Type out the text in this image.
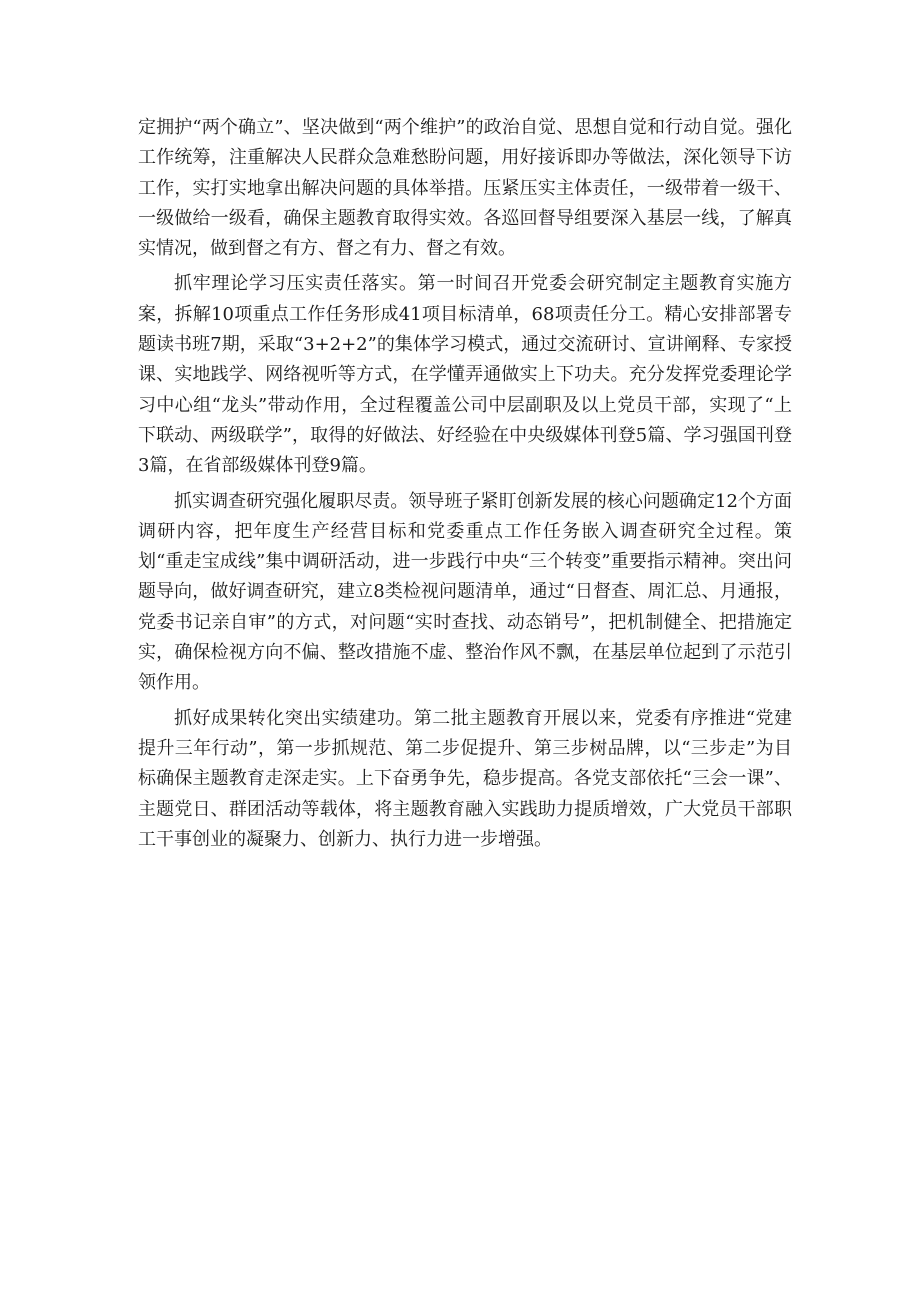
定拥护“两个确立”、坚决做到“两个维护”的政治自觉、思想自觉和行动自觉。强化工作统筹，注重解决人民群众急难愁盼问题，用好接诉即办等做法，深化领导下访工作，实打实地拿出解决问题的具体举措。压紧压实主体责任，一级带着一级干、一级做给一级看，确保主题教育取得实效。各巡回督导组要深入基层一线，了解真实情况，做到督之有方、督之有力、督之有效。

抓牢理论学习压实责任落实。第一时间召开党委会研究制定主题教育实施方案，拆解10项重点工作任务形成41项目标清单，68项责任分工。精心安排部署专题读书班7期，采取“3+2+2”的集体学习模式，通过交流研讨、宣讲阐释、专家授课、实地践学、网络视听等方式，在学懂弄通做实上下功夫。充分发挥党委理论学习中心组“龙头”带动作用，全过程覆盖公司中层副职及以上党员干部，实现了“上下联动、两级联学”，取得的好做法、好经验在中央级媒体刊登5篇、学习强国刊登3篇，在省部级媒体刊登9篇。

抓实调查研究强化履职尽责。领导班子紧盯创新发展的核心问题确定12个方面调研内容，把年度生产经营目标和党委重点工作任务嵌入调查研究全过程。策划“重走宝成线”集中调研活动，进一步践行中央“三个转变”重要指示精神。突出问题导向，做好调查研究，建立8类检视问题清单，通过“日督查、周汇总、月通报，党委书记亲自审”的方式，对问题“实时查找、动态销号”，把机制健全、把措施定实，确保检视方向不偏、整改措施不虚、整治作风不飘，在基层单位起到了示范引领作用。

抓好成果转化突出实绩建功。第二批主题教育开展以来，党委有序推进“党建提升三年行动”，第一步抓规范、第二步促提升、第三步树品牌，以“三步走”为目标确保主题教育走深走实。上下奋勇争先，稳步提高。各党支部依托“三会一课”、主题党日、群团活动等载体，将主题教育融入实践助力提质增效，广大党员干部职工干事创业的凝聚力、创新力、执行力进一步增强。
